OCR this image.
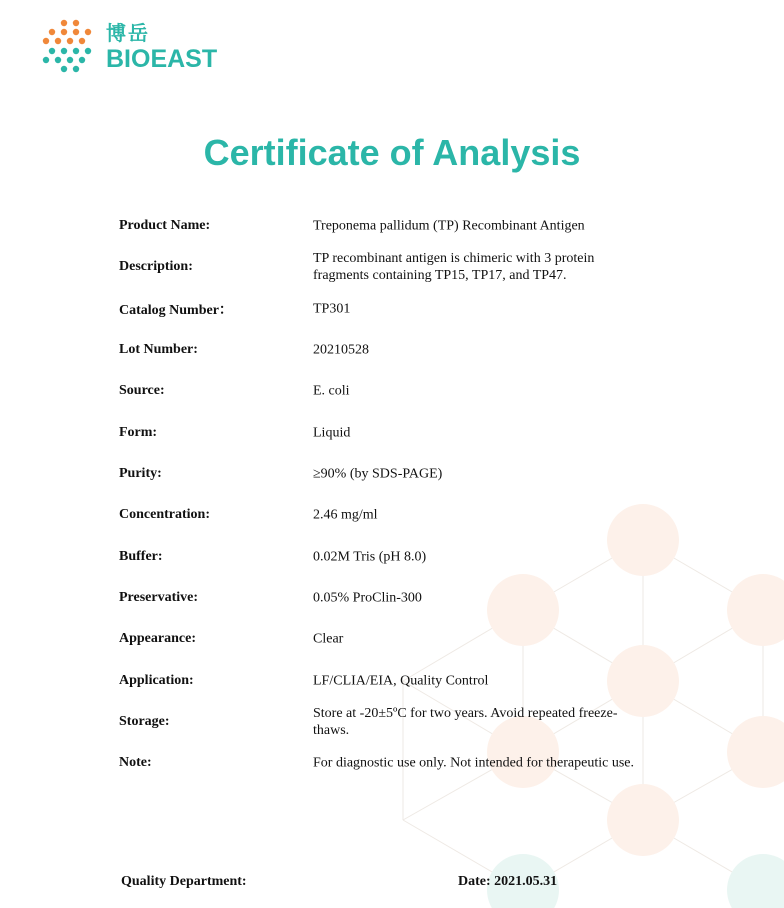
博岳
BIOEAST
Certificate of Analysis
Product Name:	Treponema pallidum (TP) Recombinant Antigen
Description:
TP recombinant antigen is chimeric with 3 protein fragments containing TP15, TP17, and TP47.
Catalog Number：	TP301
Lot Number:	20210528
Source:	E. coli
Form:	Liquid
Purity:	≥90% (by SDS-PAGE)
Concentration:	2.46 mg/ml
Buffer:	0.02M Tris (pH 8.0)
Preservative:	0.05% ProClin-300
Appearance:	Clear
Application:	LF/CLIA/EIA, Quality Control
Storage:
Store at -20±5ºC for two years. Avoid repeated freeze-thaws.
Note:	For diagnostic use only. Not intended for therapeutic use.
Quality Department:	Date: 2021.05.31
